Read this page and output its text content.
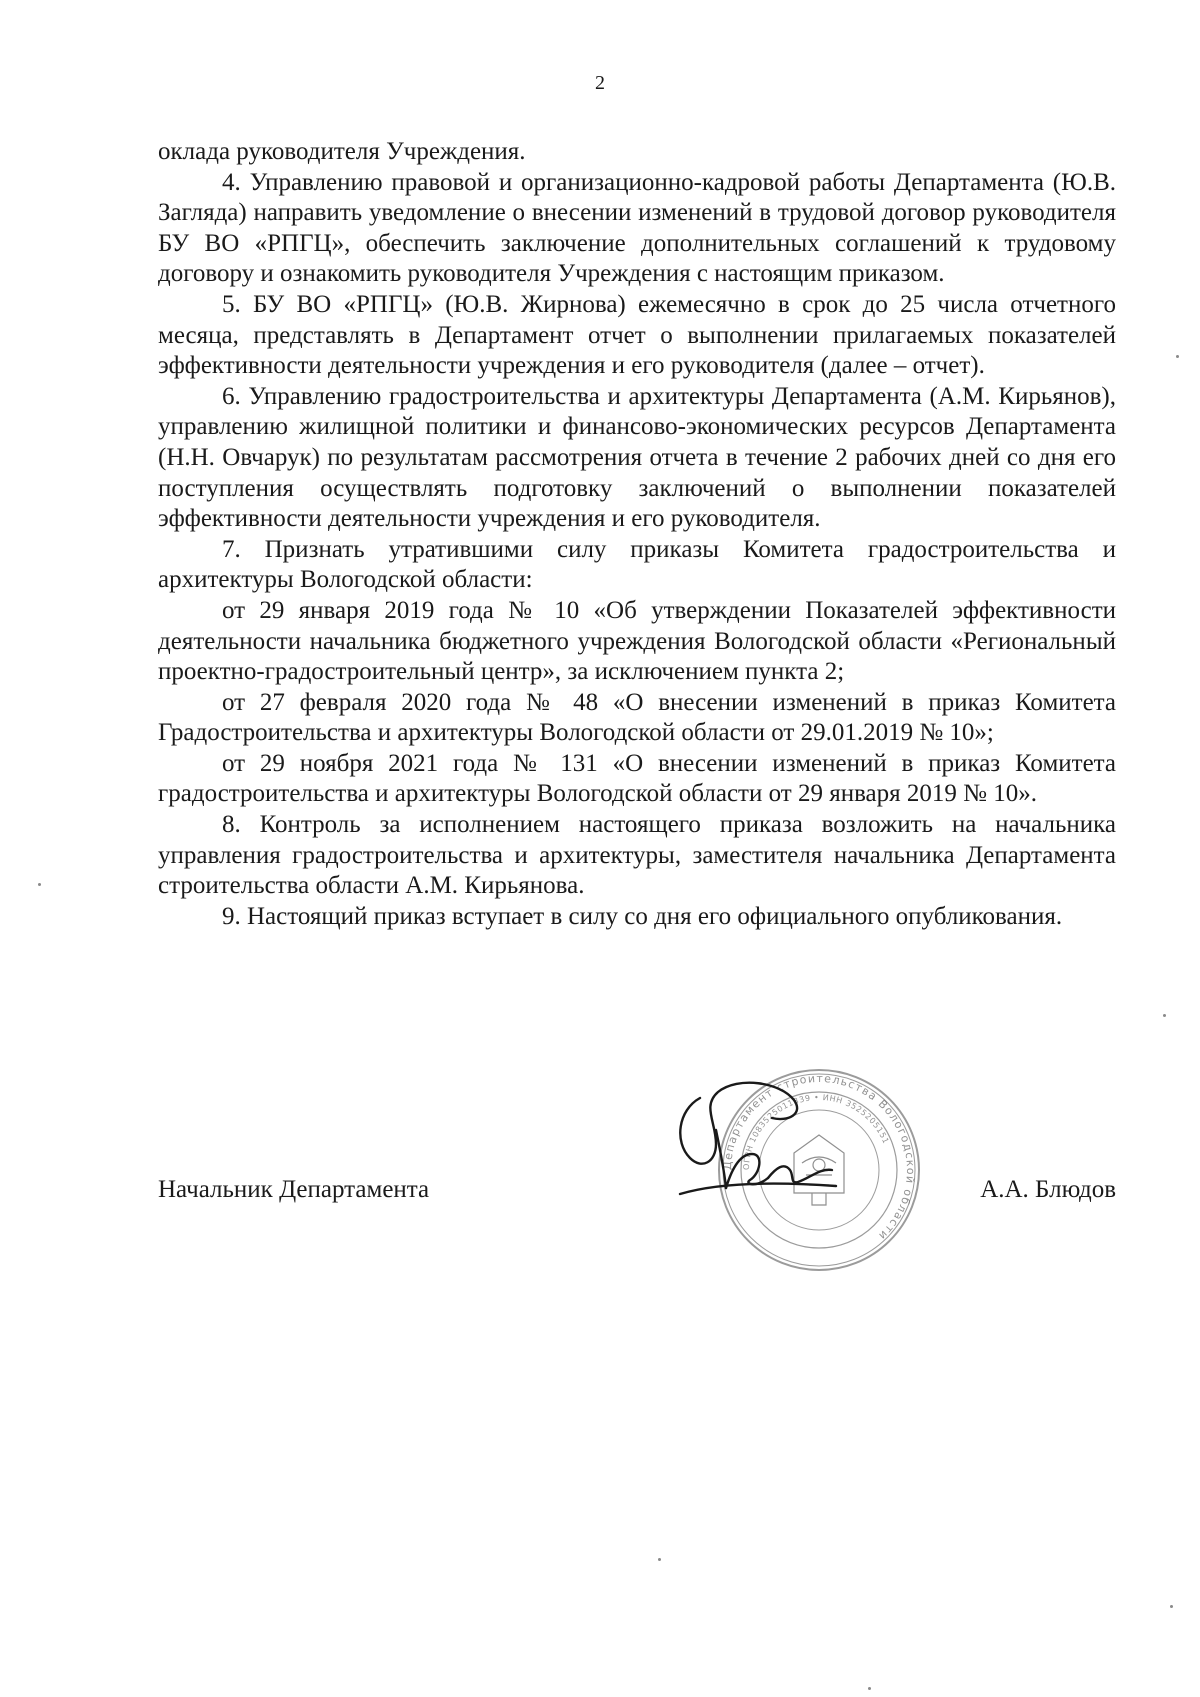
2

оклада руководителя Учреждения.

4. Управлению правовой и организационно-кадровой работы Департамента (Ю.В. Загляда) направить уведомление о внесении изменений в трудовой договор руководителя БУ ВО «РПГЦ», обеспечить заключение дополнительных соглашений к трудовому договору и ознакомить руководителя Учреждения с настоящим приказом.

5. БУ ВО «РПГЦ» (Ю.В. Жирнова) ежемесячно в срок до 25 числа отчетного месяца, представлять в Департамент отчет о выполнении прилагаемых показателей эффективности деятельности учреждения и его руководителя (далее – отчет).

6. Управлению градостроительства и архитектуры Департамента (А.М. Кирьянов), управлению жилищной политики и финансово-экономических ресурсов Департамента (Н.Н. Овчарук) по результатам рассмотрения отчета в течение 2 рабочих дней со дня его поступления осуществлять подготовку заключений о выполнении показателей эффективности деятельности учреждения и его руководителя.

7. Признать утратившими силу приказы Комитета градостроительства и архитектуры Вологодской области:

от 29 января 2019 года № 10 «Об утверждении Показателей эффективности деятельности начальника бюджетного учреждения Вологодской области «Региональный проектно-градостроительный центр», за исключением пункта 2;

от 27 февраля 2020 года № 48 «О внесении изменений в приказ Комитета Градостроительства и архитектуры Вологодской области от 29.01.2019 № 10»;

от 29 ноября 2021 года № 131 «О внесении изменений в приказ Комитета градостроительства и архитектуры Вологодской области от 29 января 2019 № 10».

8. Контроль за исполнением настоящего приказа возложить на начальника управления градостроительства и архитектуры, заместителя начальника Департамента строительства области А.М. Кирьянова.

9. Настоящий приказ вступает в силу со дня его официального опубликования.

Департамент строительства Вологодской области
ОГРН 1083525011339 • ИНН 3525205151
Начальник Департамента	А.А. Блюдов
